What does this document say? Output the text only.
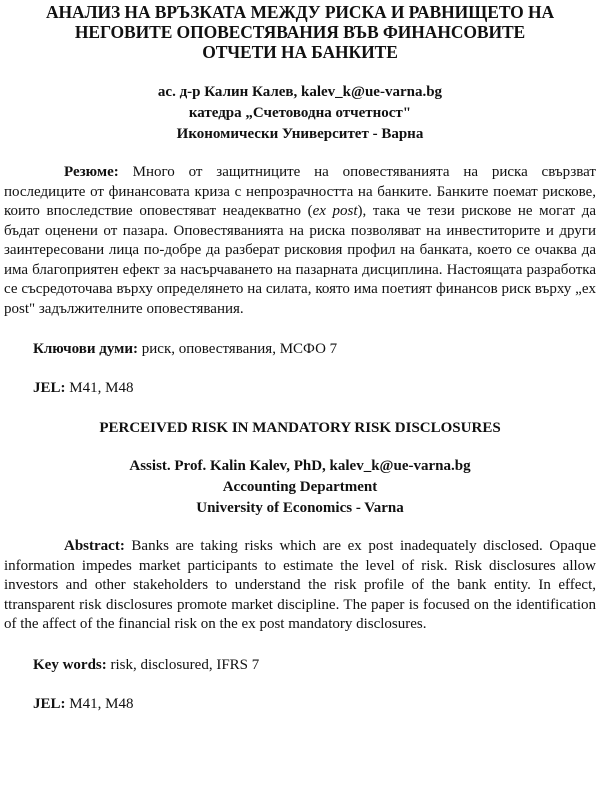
АНАЛИЗ НА ВРЪЗКАТА МЕЖДУ РИСКА И РАВНИЩЕТО НА
НЕГОВИТЕ ОПОВЕСТЯВАНИЯ ВЪВ ФИНАНСОВИТЕ
ОТЧЕТИ НА БАНКИТЕ
ас. д-р Калин Калев, kalev_k@ue-varna.bg
катедра „Счетоводна отчетност"
Икономически Университет - Варна

Резюме: Много от защитниците на оповестяванията на риска свързват последиците от финансовата криза с непрозрачността на банките. Банките поемат рискове, които впоследствие оповестяват неадекватно (ex post), така че тези рискове не могат да бъдат оценени от пазара. Оповестяванията на риска позволяват на инвеститорите и други заинтересовани лица по-добре да разберат рисковия профил на банката, което се очаква да има благоприятен ефект за насърчаването на пазарната дисциплина. Настоящата разработка се съсредоточава върху определянето на силата, която има поетият финансов риск върху „ex post" задължителните оповестявания.

Ключови думи: риск, оповестявания, МСФО 7
JEL: M41, M48
PERCEIVED RISK IN MANDATORY RISK DISCLOSURES
Assist. Prof. Kalin Kalev, PhD, kalev_k@ue-varna.bg
Accounting Department
University of Economics - Varna

Abstract: Banks are taking risks which are ex post inadequately disclosed. Opaque information impedes market participants to estimate the level of risk. Risk disclosures allow investors and other stakeholders to understand the risk profile of the bank entity. In effect, ttransparent risk disclosures promote market discipline. The paper is focused on the identification of the affect of the financial risk on the ex post mandatory disclosures.

Key words: risk, disclosured, IFRS 7
JEL: M41, M48
